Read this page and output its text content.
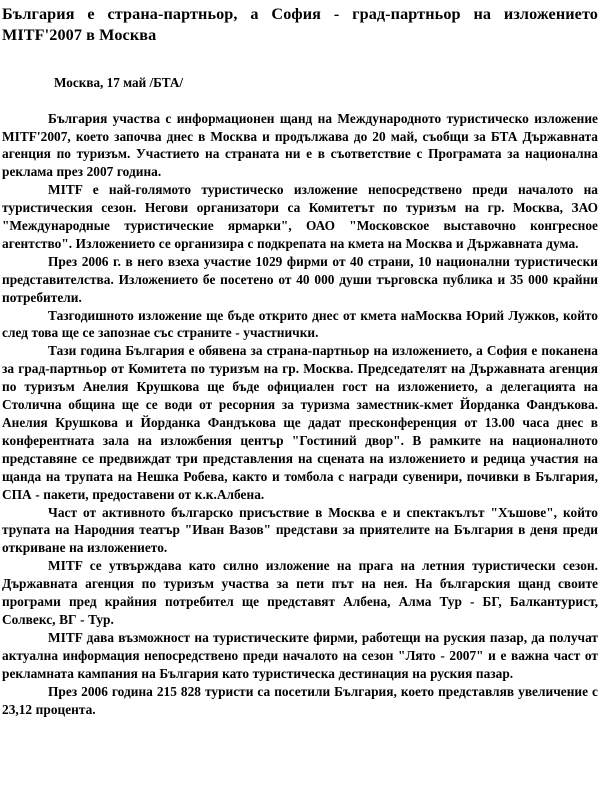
България е страна-партньор, а София - град-партньор на изложението MITF'2007 в Москва
Москва, 17 май /БТА/

България участва с информационен щанд на Международното туристическо изложение MITF'2007, което започва днес в Москва и продължава до 20 май, съобщи за БТА Държавната агенция по туризъм. Участието на страната ни е в съответствие с Програмата за национална реклама през 2007 година.

MITF е най-голямото туристическо изложение непосредствено преди началото на туристическия сезон. Негови организатори са Комитетът по туризъм на гр. Москва, ЗАО "Международные туристические ярмарки", ОАО "Московское выставочно конгресное агентство". Изложението се организира с подкрепата на кмета на Москва и Държавната дума.

През 2006 г. в него взеха участие 1029 фирми от 40 страни, 10 национални туристически представителства. Изложението бе посетено от 40 000 души търговска публика и 35 000 крайни потребители.

Тазгодишното изложение ще бъде открито днес от кмета наМосква Юрий Лужков, който след това ще се запознае със страните - участнички.

Тази година България е обявена за страна-партньор на изложението, а София е поканена за град-партньор от Комитета по туризъм на гр. Москва. Председателят на Държавната агенция по туризъм Анелия Крушкова ще бъде официален гост на изложението, а делегацията на Столична община ще се води от ресорния за туризма заместник-кмет Йорданка Фандъкова. Анелия Крушкова и Йорданка Фандъкова ще дадат пресконференция от 13.00 часа днес в конферентната зала на изложбения център "Гостиний двор". В рамките на националното представяне се предвиждат три представления на сцената на изложението и редица участия на щанда на трупата на Нешка Робева, както и томбола с награди сувенири, почивки в България, СПА - пакети, предоставени от к.к.Албена.

Част от активното българско присъствие в Москва е и спектакълът "Хъшове", който трупата на Народния театър "Иван Вазов" представи за приятелите на България в деня преди откриване на изложението.

MITF се утвърждава като силно изложение на прага на летния туристически сезон. Държавната агенция по туризъм участва за пети път на нея. На българския щанд своите програми пред крайния потребител ще представят Албена, Алма Тур - БГ, Балкантурист, Солвекс, ВГ - Тур.

MITF дава възможност на туристическите фирми, работещи на руския пазар, да получат актуална информация непосредствено преди началото на сезон "Лято - 2007" и е важна част от рекламната кампания на България като туристическа дестинация на руския пазар.

През 2006 година 215 828 туристи са посетили България, което представляв увеличение с 23,12 процента.
